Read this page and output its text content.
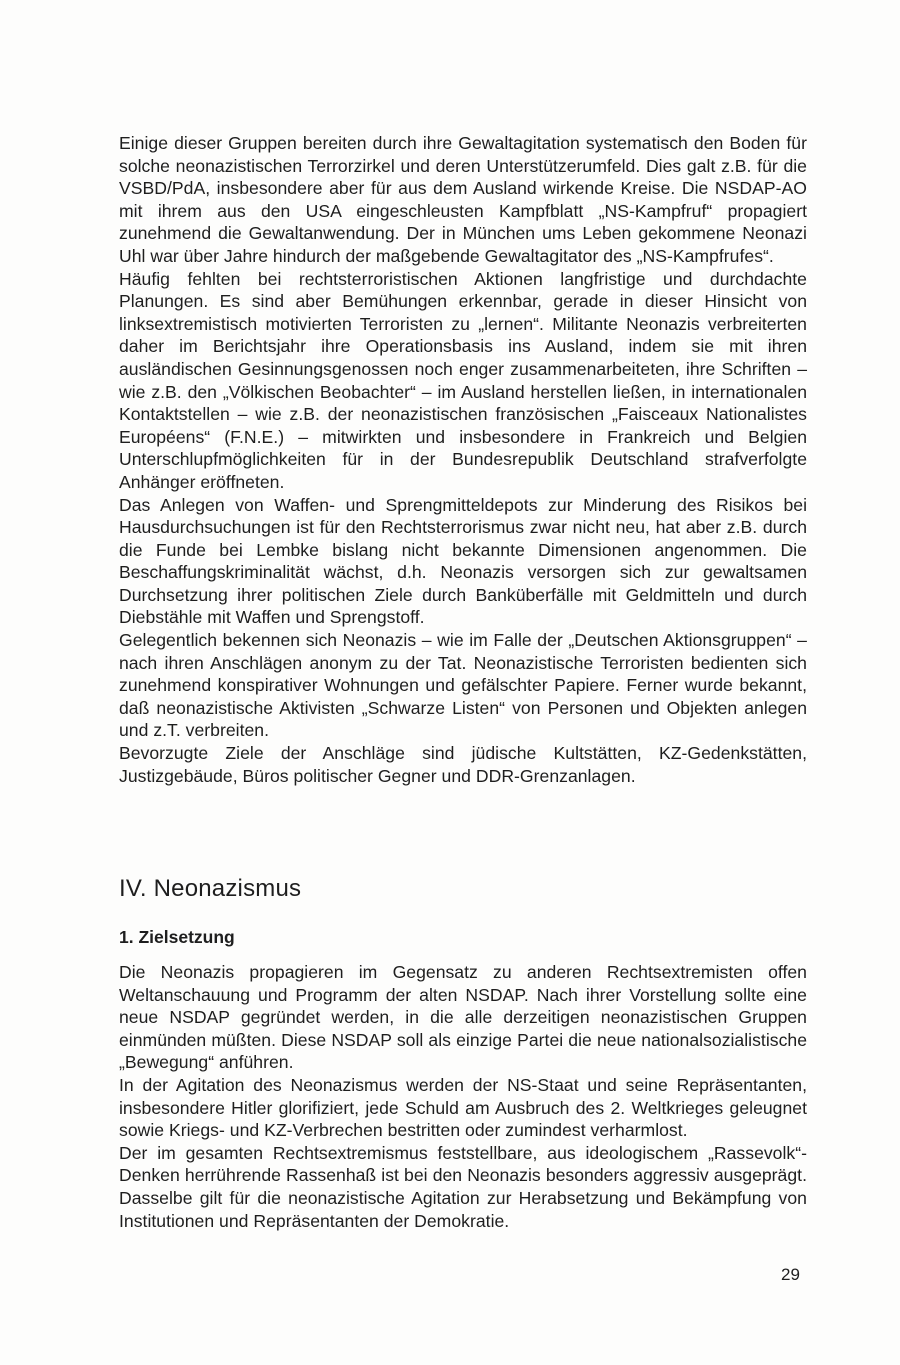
Einige dieser Gruppen bereiten durch ihre Gewaltagitation systematisch den Boden für solche neonazistischen Terrorzirkel und deren Unterstützerumfeld. Dies galt z.B. für die VSBD/PdA, insbesondere aber für aus dem Ausland wirkende Kreise. Die NSDAP-AO mit ihrem aus den USA eingeschleusten Kampfblatt „NS-Kampfruf“ propagiert zunehmend die Gewaltanwendung. Der in München ums Leben gekommene Neonazi Uhl war über Jahre hindurch der maßgebende Gewaltagitator des „NS-Kampfrufes“.

Häufig fehlten bei rechtsterroristischen Aktionen langfristige und durchdachte Planungen. Es sind aber Bemühungen erkennbar, gerade in dieser Hinsicht von linksextremistisch motivierten Terroristen zu „lernen“. Militante Neonazis verbreiterten daher im Berichtsjahr ihre Operationsbasis ins Ausland, indem sie mit ihren ausländischen Gesinnungsgenossen noch enger zusammenarbeiteten, ihre Schriften – wie z.B. den „Völkischen Beobachter“ – im Ausland herstellen ließen, in internationalen Kontaktstellen – wie z.B. der neonazistischen französischen „Faisceaux Nationalistes Européens“ (F.N.E.) – mitwirkten und insbesondere in Frankreich und Belgien Unterschlupfmöglichkeiten für in der Bundesrepublik Deutschland strafverfolgte Anhänger eröffneten.

Das Anlegen von Waffen- und Sprengmitteldepots zur Minderung des Risikos bei Hausdurchsuchungen ist für den Rechtsterrorismus zwar nicht neu, hat aber z.B. durch die Funde bei Lembke bislang nicht bekannte Dimensionen angenommen. Die Beschaffungskriminalität wächst, d.h. Neonazis versorgen sich zur gewaltsamen Durchsetzung ihrer politischen Ziele durch Banküberfälle mit Geldmitteln und durch Diebstähle mit Waffen und Sprengstoff.

Gelegentlich bekennen sich Neonazis – wie im Falle der „Deutschen Aktionsgruppen“ – nach ihren Anschlägen anonym zu der Tat. Neonazistische Terroristen bedienten sich zunehmend konspirativer Wohnungen und gefälschter Papiere. Ferner wurde bekannt, daß neonazistische Aktivisten „Schwarze Listen“ von Personen und Objekten anlegen und z.T. verbreiten.

Bevorzugte Ziele der Anschläge sind jüdische Kultstätten, KZ-Gedenkstätten, Justizgebäude, Büros politischer Gegner und DDR-Grenzanlagen.

IV. Neonazismus
1. Zielsetzung

Die Neonazis propagieren im Gegensatz zu anderen Rechtsextremisten offen Weltanschauung und Programm der alten NSDAP. Nach ihrer Vorstellung sollte eine neue NSDAP gegründet werden, in die alle derzeitigen neonazistischen Gruppen einmünden müßten. Diese NSDAP soll als einzige Partei die neue nationalsozialistische „Bewegung“ anführen.

In der Agitation des Neonazismus werden der NS-Staat und seine Repräsentanten, insbesondere Hitler glorifiziert, jede Schuld am Ausbruch des 2. Weltkrieges geleugnet sowie Kriegs- und KZ-Verbrechen bestritten oder zumindest verharmlost.

Der im gesamten Rechtsextremismus feststellbare, aus ideologischem „Rassevolk“-Denken herrührende Rassenhaß ist bei den Neonazis besonders aggressiv ausgeprägt. Dasselbe gilt für die neonazistische Agitation zur Herabsetzung und Bekämpfung von Institutionen und Repräsentanten der Demokratie.

29
